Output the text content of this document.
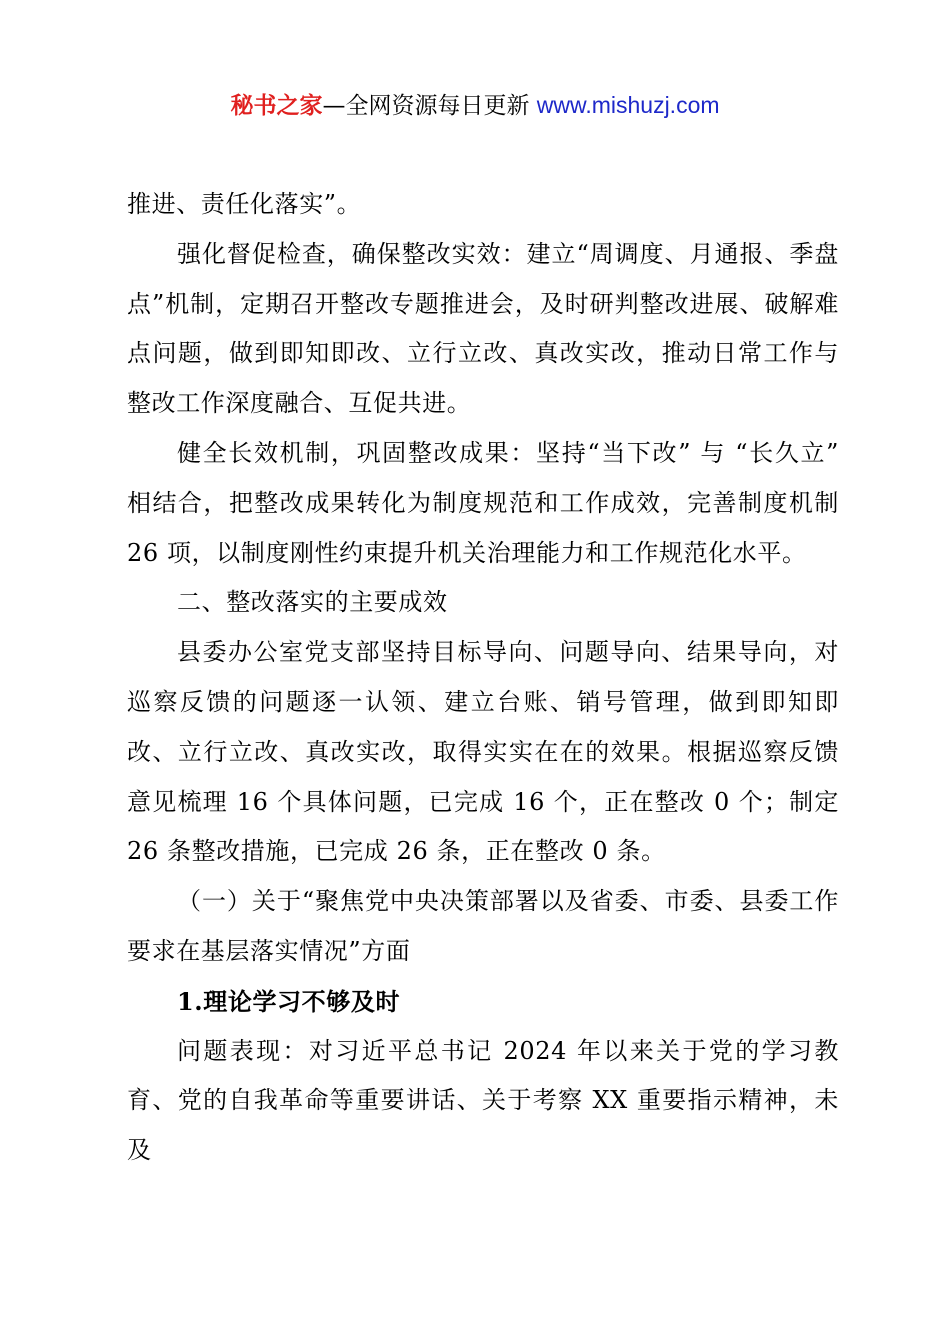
秘书之家—全网资源每日更新 www.mishuzj.com

推进、责任化落实”。

强化督促检查，确保整改实效：建立“周调度、月通报、季盘点”机制，定期召开整改专题推进会，及时研判整改进展、破解难点问题，做到即知即改、立行立改、真改实改，推动日常工作与整改工作深度融合、互促共进。

健全长效机制，巩固整改成果：坚持“当下改” 与 “长久立” 相结合，把整改成果转化为制度规范和工作成效，完善制度机制 26 项，以制度刚性约束提升机关治理能力和工作规范化水平。

二、整改落实的主要成效

县委办公室党支部坚持目标导向、问题导向、结果导向，对巡察反馈的问题逐一认领、建立台账、销号管理，做到即知即改、立行立改、真改实改，取得实实在在的效果。根据巡察反馈意见梳理 16 个具体问题，已完成 16 个，正在整改 0 个；制定 26 条整改措施，已完成 26 条，正在整改 0 条。

（一）关于“聚焦党中央决策部署以及省委、市委、县委工作要求在基层落实情况”方面

1.理论学习不够及时

问题表现：对习近平总书记 2024 年以来关于党的学习教育、党的自我革命等重要讲话、关于考察 XX 重要指示精神，未及
